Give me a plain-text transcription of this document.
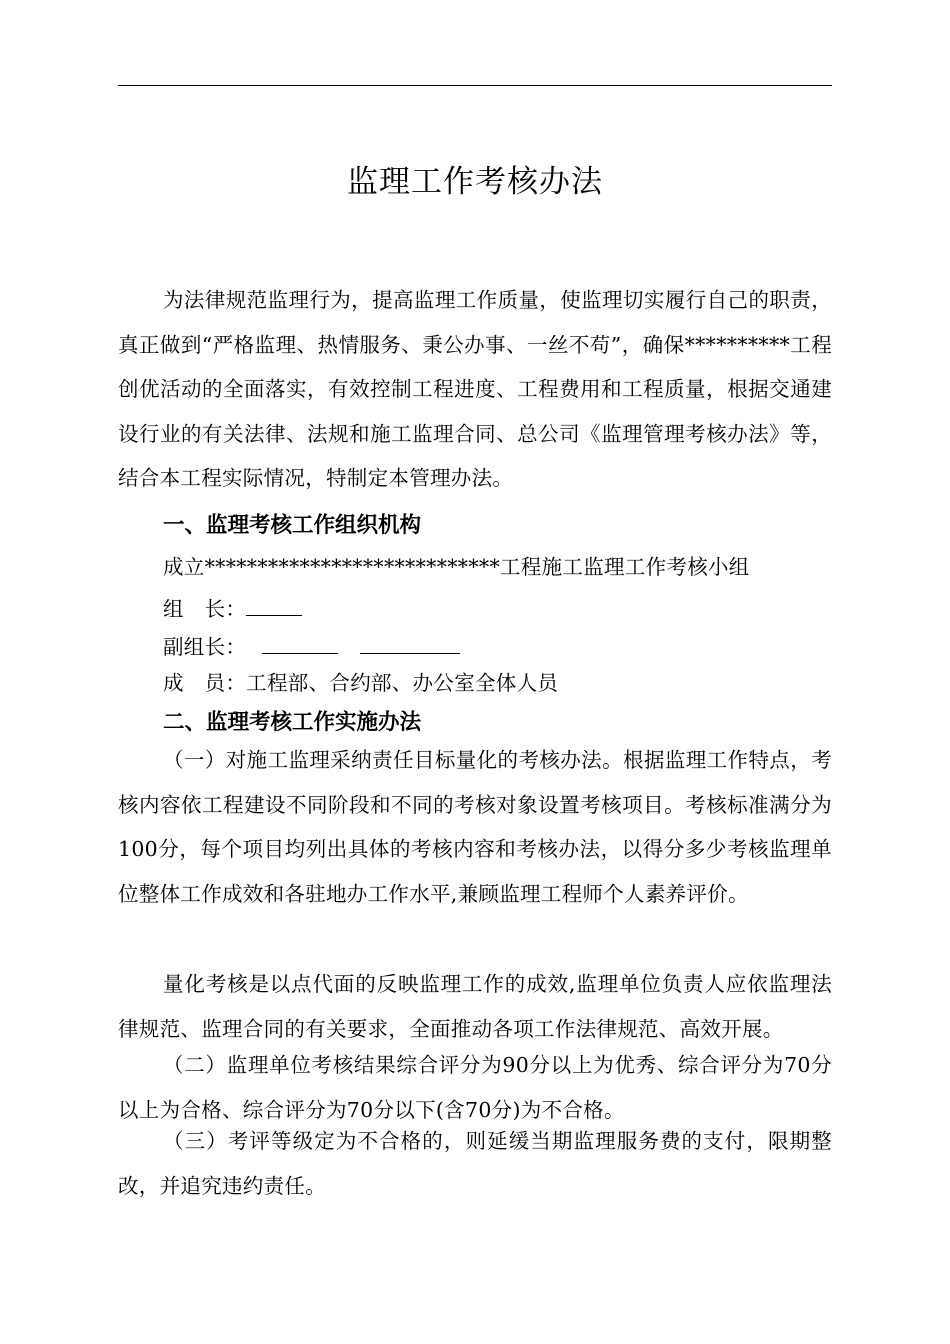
监理工作考核办法

为法律规范监理行为，提高监理工作质量，使监理切实履行自己的职责，真正做到“严格监理、热情服务、秉公办事、一丝不苟”，确保**********工程创优活动的全面落实，有效控制工程进度、工程费用和工程质量，根据交通建设行业的有关法律、法规和施工监理合同、总公司《监理管理考核办法》等，结合本工程实际情况，特制定本管理办法。

一、监理考核工作组织机构
成立****************************工程施工监理工作考核小组
组　长：
副组长：
成　员：工程部、合约部、办公室全体人员
二、监理考核工作实施办法

（一）对施工监理采纳责任目标量化的考核办法。根据监理工作特点，考核内容依工程建设不同阶段和不同的考核对象设置考核项目。考核标准满分为100分，每个项目均列出具体的考核内容和考核办法，以得分多少考核监理单位整体工作成效和各驻地办工作水平,兼顾监理工程师个人素养评价。

量化考核是以点代面的反映监理工作的成效,监理单位负责人应依监理法律规范、监理合同的有关要求，全面推动各项工作法律规范、高效开展。

（二）监理单位考核结果综合评分为90分以上为优秀、综合评分为70分以上为合格、综合评分为70分以下(含70分)为不合格。

（三）考评等级定为不合格的，则延缓当期监理服务费的支付，限期整改，并追究违约责任。
